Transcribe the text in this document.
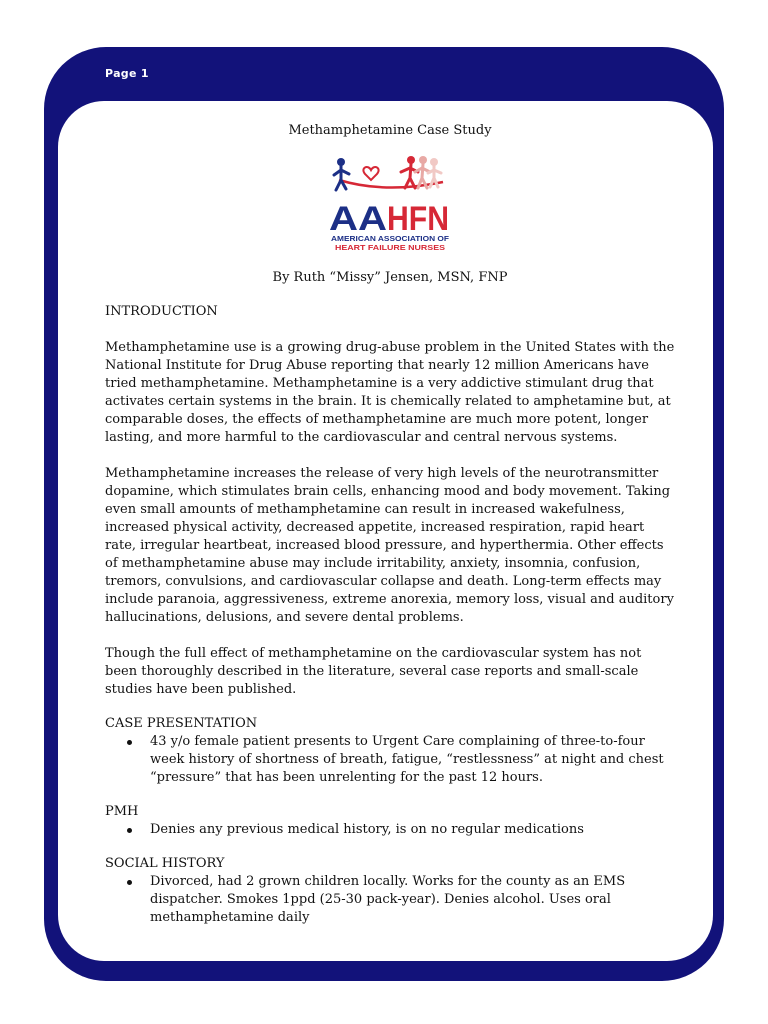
Page 1

Methamphetamine Case Study

AA HFN
AMERICAN ASSOCIATION OF
HEART FAILURE NURSES

By Ruth “Missy” Jensen, MSN, FNP

INTRODUCTION

Methamphetamine use is a growing drug-abuse problem in the United States with the National Institute for Drug Abuse reporting that nearly 12 million Americans have tried methamphetamine. Methamphetamine is a very addictive stimulant drug that activates certain systems in the brain. It is chemically related to amphetamine but, at comparable doses, the effects of methamphetamine are much more potent, longer lasting, and more harmful to the cardiovascular and central nervous systems.

Methamphetamine increases the release of very high levels of the neurotransmitter dopamine, which stimulates brain cells, enhancing mood and body movement. Taking even small amounts of methamphetamine can result in increased wakefulness, increased physical activity, decreased appetite, increased respiration, rapid heart rate, irregular heartbeat, increased blood pressure, and hyperthermia. Other effects of methamphetamine abuse may include irritability, anxiety, insomnia, confusion, tremors, convulsions, and cardiovascular collapse and death. Long-term effects may include paranoia, aggressiveness, extreme anorexia, memory loss, visual and auditory hallucinations, delusions, and severe dental problems.

Though the full effect of methamphetamine on the cardiovascular system has not been thoroughly described in the literature, several case reports and small-scale studies have been published.

CASE PRESENTATION

43 y/o female patient presents to Urgent Care complaining of three-to-four week history of shortness of breath, fatigue, “restlessness” at night and chest “pressure” that has been unrelenting for the past 12 hours.

PMH

Denies any previous medical history, is on no regular medications

SOCIAL HISTORY

Divorced, had 2 grown children locally. Works for the county as an EMS dispatcher. Smokes 1ppd (25-30 pack-year). Denies alcohol. Uses oral methamphetamine daily
